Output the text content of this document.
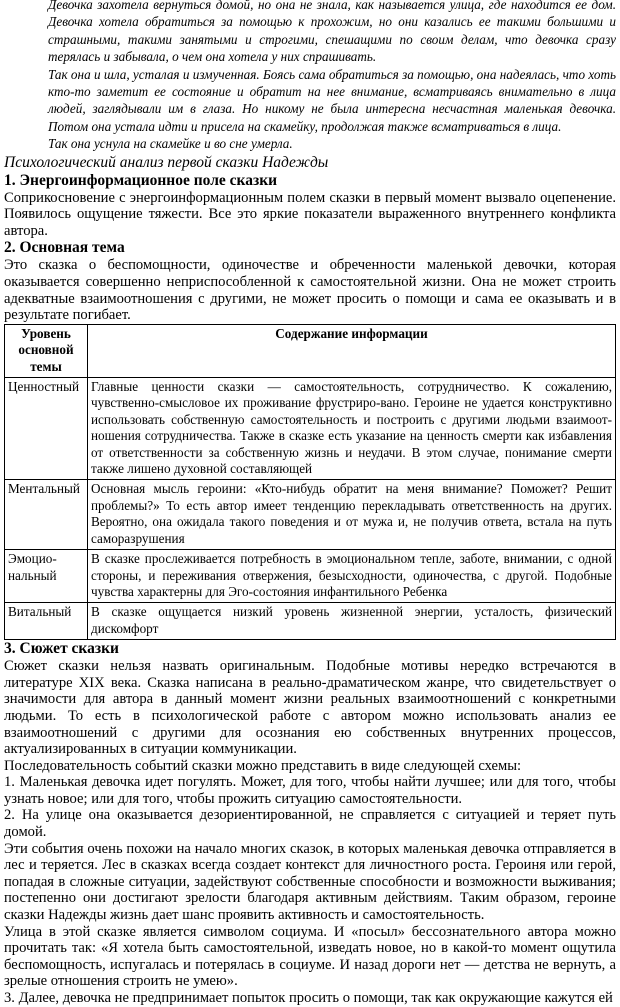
Девочка захотела вернуться домой, но она не знала, как называется улица, где находится ее дом. Девочка хотела обратиться за помощью к прохожим, но они казались ее такими большими и страшными, такими занятыми и строгими, спешащими по своим делам, что девочка сразу терялась и забывала, о чем она хотела у них спрашивать.

Так она и шла, усталая и измученная. Боясь сама обратиться за помощью, она надеялась, что хоть кто-то заметит ее состояние и обратит на нее внимание, всматриваясь внимательно в лица людей, заглядывали им в глаза. Но никому не была интересна несчастная маленькая девочка. Потом она устала идти и присела на скамейку, продолжая также всматриваться в лица.

Так она уснула на скамейке и во сне умерла.

Психологический анализ первой сказки Надежды
1. Энергоинформационное поле сказки

Соприкосновение с энергоинформационным полем сказки в первый момент вызвало оцепенение. Появилось ощущение тяжести. Все это яркие показатели выраженного внутреннего конфликта автора.

2. Основная тема

Это сказка о беспомощности, одиночестве и обреченности маленькой девочки, которая оказывается совершенно неприспособленной к самостоятельной жизни. Она не может строить адекватные взаимоотношения с другими, не может просить о помощи и сама ее оказывать и в результате погибает.

Уровень основной темы	Содержание информации
Ценностный	Главные ценности сказки — самостоятельность, сотрудничество. К сожалению, чувственно-смысловое их проживание фрустриро-вано. Героине не удается конструктивно использовать собственную самостоятельность и построить с другими людьми взаимоот-ношения сотрудничества. Также в сказке есть указание на ценность смерти как избавления от ответственности за собственную жизнь и неудачи. В этом случае, понимание смерти также лишено духовной составляющей
Ментальный	Основная мысль героини: «Кто-нибудь обратит на меня внимание? Поможет? Решит проблемы?» То есть автор имеет тенденцию перекладывать ответственность на других. Вероятно, она ожидала такого поведения и от мужа и, не получив ответа, встала на путь саморазрушения
Эмоцио-нальный	В сказке прослеживается потребность в эмоциональном тепле, заботе, внимании, с одной стороны, и переживания отвержения, безысходности, одиночества, с другой. Подобные чувства характерны для Эго-состояния инфантильного Ребенка
Витальный	В сказке ощущается низкий уровень жизненной энергии, усталость, физический дискомфорт
3. Сюжет сказки

Сюжет сказки нельзя назвать оригинальным. Подобные мотивы нередко встречаются в литературе XIX века. Сказка написана в реально-драматическом жанре, что свидетельствует о значимости для автора в данный момент жизни реальных взаимоотношений с конкретными людьми. То есть в психологической работе с автором можно использовать анализ ее взаимоотношений с другими для осознания ею собственных внутренних процессов, актуализированных в ситуации коммуникации.

Последовательность событий сказки можно представить в виде следующей схемы:

1. Маленькая девочка идет погулять. Может, для того, чтобы найти лучшее; или для того, чтобы узнать новое; или для того, чтобы прожить ситуацию самостоятельности.

2. На улице она оказывается дезориентированной, не справляется с ситуацией и теряет путь домой.

Эти события очень похожи на начало многих сказок, в которых маленькая девочка отправляется в лес и теряется. Лес в сказках всегда создает контекст для личностного роста. Героиня или герой, попадая в сложные ситуации, задействуют собственные способности и возможности выживания; постепенно они достигают зрелости благодаря активным действиям. Таким образом, героине сказки Надежды жизнь дает шанс проявить активность и самостоятельность.

Улица в этой сказке является символом социума. И «посыл» бессознательного автора можно прочитать так: «Я хотела быть самостоятельной, изведать новое, но в какой-то момент ощутила беспомощность, испугалась и потерялась в социуме. И назад дороги нет — детства не вернуть, а зрелые отношения строить не умею».

3. Далее, девочка не предпринимает попыток просить о помощи, так как окружающие кажутся ей
